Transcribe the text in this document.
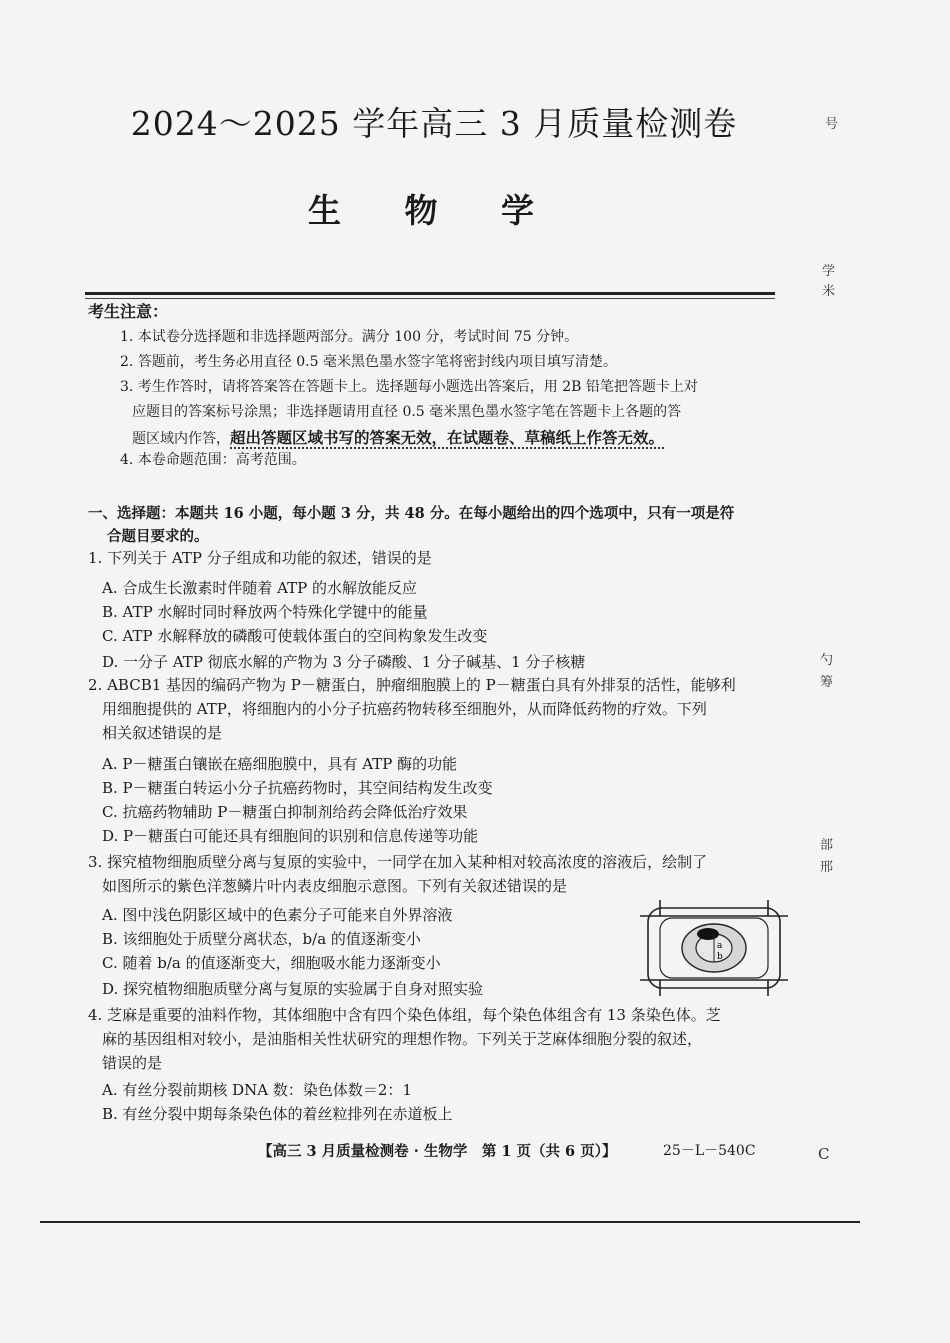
2024～2025 学年高三 3 月质量检测卷
生 物 学
考生注意：
1. 本试卷分选择题和非选择题两部分。满分 100 分，考试时间 75 分钟。
2. 答题前，考生务必用直径 0.5 毫米黑色墨水签字笔将密封线内项目填写清楚。
3. 考生作答时，请将答案答在答题卡上。选择题每小题选出答案后，用 2B 铅笔把答题卡上对
应题目的答案标号涂黑；非选择题请用直径 0.5 毫米黑色墨水签字笔在答题卡上各题的答
题区域内作答，超出答题区域书写的答案无效，在试题卷、草稿纸上作答无效。
4. 本卷命题范围：高考范围。
一、选择题：本题共 16 小题，每小题 3 分，共 48 分。在每小题给出的四个选项中，只有一项是符
合题目要求的。
1. 下列关于 ATP 分子组成和功能的叙述，错误的是
A. 合成生长激素时伴随着 ATP 的水解放能反应
B. ATP 水解时同时释放两个特殊化学键中的能量
C. ATP 水解释放的磷酸可使载体蛋白的空间构象发生改变
D. 一分子 ATP 彻底水解的产物为 3 分子磷酸、1 分子碱基、1 分子核糖
2. ABCB1 基因的编码产物为 P－糖蛋白，肿瘤细胞膜上的 P－糖蛋白具有外排泵的活性，能够利
用细胞提供的 ATP，将细胞内的小分子抗癌药物转移至细胞外，从而降低药物的疗效。下列
相关叙述错误的是
A. P－糖蛋白镶嵌在癌细胞膜中，具有 ATP 酶的功能
B. P－糖蛋白转运小分子抗癌药物时，其空间结构发生改变
C. 抗癌药物辅助 P－糖蛋白抑制剂给药会降低治疗效果
D. P－糖蛋白可能还具有细胞间的识别和信息传递等功能
3. 探究植物细胞质壁分离与复原的实验中，一同学在加入某种相对较高浓度的溶液后，绘制了
如图所示的紫色洋葱鳞片叶内表皮细胞示意图。下列有关叙述错误的是
A. 图中浅色阴影区域中的色素分子可能来自外界溶液
B. 该细胞处于质壁分离状态，b/a 的值逐渐变小
C. 随着 b/a 的值逐渐变大，细胞吸水能力逐渐变小
D. 探究植物细胞质壁分离与复原的实验属于自身对照实验
a
b
4. 芝麻是重要的油料作物，其体细胞中含有四个染色体组，每个染色体组含有 13 条染色体。芝
麻的基因组相对较小，是油脂相关性状研究的理想作物。下列关于芝麻体细胞分裂的叙述，
错误的是
A. 有丝分裂前期核 DNA 数：染色体数＝2：1
B. 有丝分裂中期每条染色体的着丝粒排列在赤道板上
【高三 3 月质量检测卷 · 生物学　第 1 页（共 6 页）】	25－L－540C
号
学 米
勺 筹
部 邢
C
